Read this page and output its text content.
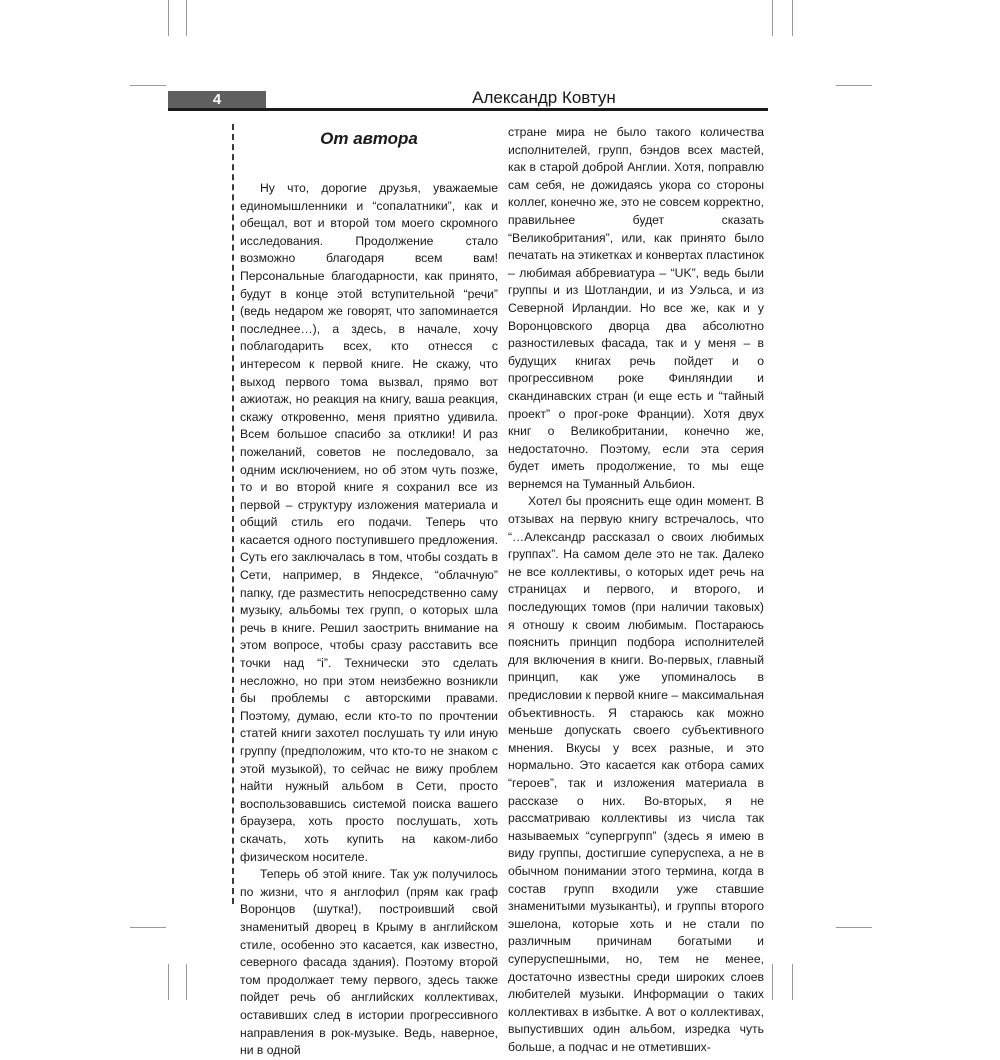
4	Александр Ковтун
От автора

Ну что, дорогие друзья, уважаемые единомышленники и “сопалатники”, как и обещал, вот и второй том моего скромного исследования. Продолжение стало возможно благодаря всем вам! Персональные благодарности, как принято, будут в конце этой вступительной “речи” (ведь недаром же говорят, что запоминается последнее…), а здесь, в начале, хочу поблагодарить всех, кто отнесся с интересом к первой книге. Не скажу, что выход первого тома вызвал, прямо вот ажиотаж, но реакция на книгу, ваша реакция, скажу откровенно, меня приятно удивила. Всем большое спасибо за отклики! И раз пожеланий, советов не последовало, за одним исключением, но об этом чуть позже, то и во второй книге я сохранил все из первой – структуру изложения материала и общий стиль его подачи. Теперь что касается одного поступившего предложения. Суть его заключалась в том, чтобы создать в Сети, например, в Яндексе, “облачную” папку, где разместить непосредственно саму музыку, альбомы тех групп, о которых шла речь в книге. Решил заострить внимание на этом вопросе, чтобы сразу расставить все точки над “i”. Технически это сделать несложно, но при этом неизбежно возникли бы проблемы с авторскими правами. Поэтому, думаю, если кто-то по прочтении статей книги захотел послушать ту или иную группу (предположим, что кто-то не знаком с этой музыкой), то сейчас не вижу проблем найти нужный альбом в Сети, просто воспользовавшись системой поиска вашего браузера, хоть просто послушать, хоть скачать, хоть купить на каком-либо физическом носителе.

Теперь об этой книге. Так уж получилось по жизни, что я англофил (прям как граф Воронцов (шутка!), построивший свой знаменитый дворец в Крыму в английском стиле, особенно это касается, как известно, северного фасада здания). Поэтому второй том продолжает тему первого, здесь также пойдет речь об английских коллективах, оставивших след в истории прогрессивного направления в рок-музыке. Ведь, наверное, ни в одной

стране мира не было такого количества исполнителей, групп, бэндов всех мастей, как в старой доброй Англии. Хотя, поправлю сам себя, не дожидаясь укора со стороны коллег, конечно же, это не совсем корректно, правильнее будет сказать “Великобритания”, или, как принято было печатать на этикетках и конвертах пластинок – любимая аббревиатура – “UK”, ведь были группы и из Шотландии, и из Уэльса, и из Северной Ирландии. Но все же, как и у Воронцовского дворца два абсолютно разностилевых фасада, так и у меня – в будущих книгах речь пойдет и о прогрессивном роке Финляндии и скандинавских стран (и еще есть и “тайный проект” о прог-роке Франции). Хотя двух книг о Великобритании, конечно же, недостаточно. Поэтому, если эта серия будет иметь продолжение, то мы еще вернемся на Туманный Альбион.

Хотел бы прояснить еще один момент. В отзывах на первую книгу встречалось, что “…Александр рассказал о своих любимых группах”. На самом деле это не так. Далеко не все коллективы, о которых идет речь на страницах и первого, и второго, и последующих томов (при наличии таковых) я отношу к своим любимым. Постараюсь пояснить принцип подбора исполнителей для включения в книги. Во-первых, главный принцип, как уже упоминалось в предисловии к первой книге – максимальная объективность. Я стараюсь как можно меньше допускать своего субъективного мнения. Вкусы у всех разные, и это нормально. Это касается как отбора самих “героев”, так и изложения материала в рассказе о них. Во-вторых, я не рассматриваю коллективы из числа так называемых “супергрупп” (здесь я имею в виду группы, достигшие суперуспеха, а не в обычном понимании этого термина, когда в состав групп входили уже ставшие знаменитыми музыканты), и группы второго эшелона, которые хоть и не стали по различным причинам богатыми и суперуспешными, но, тем не менее, достаточно известны среди широких слоев любителей музыки. Информации о таких коллективах в избытке. А вот о коллективах, выпустивших один альбом, изредка чуть больше, а подчас и не отметивших-
